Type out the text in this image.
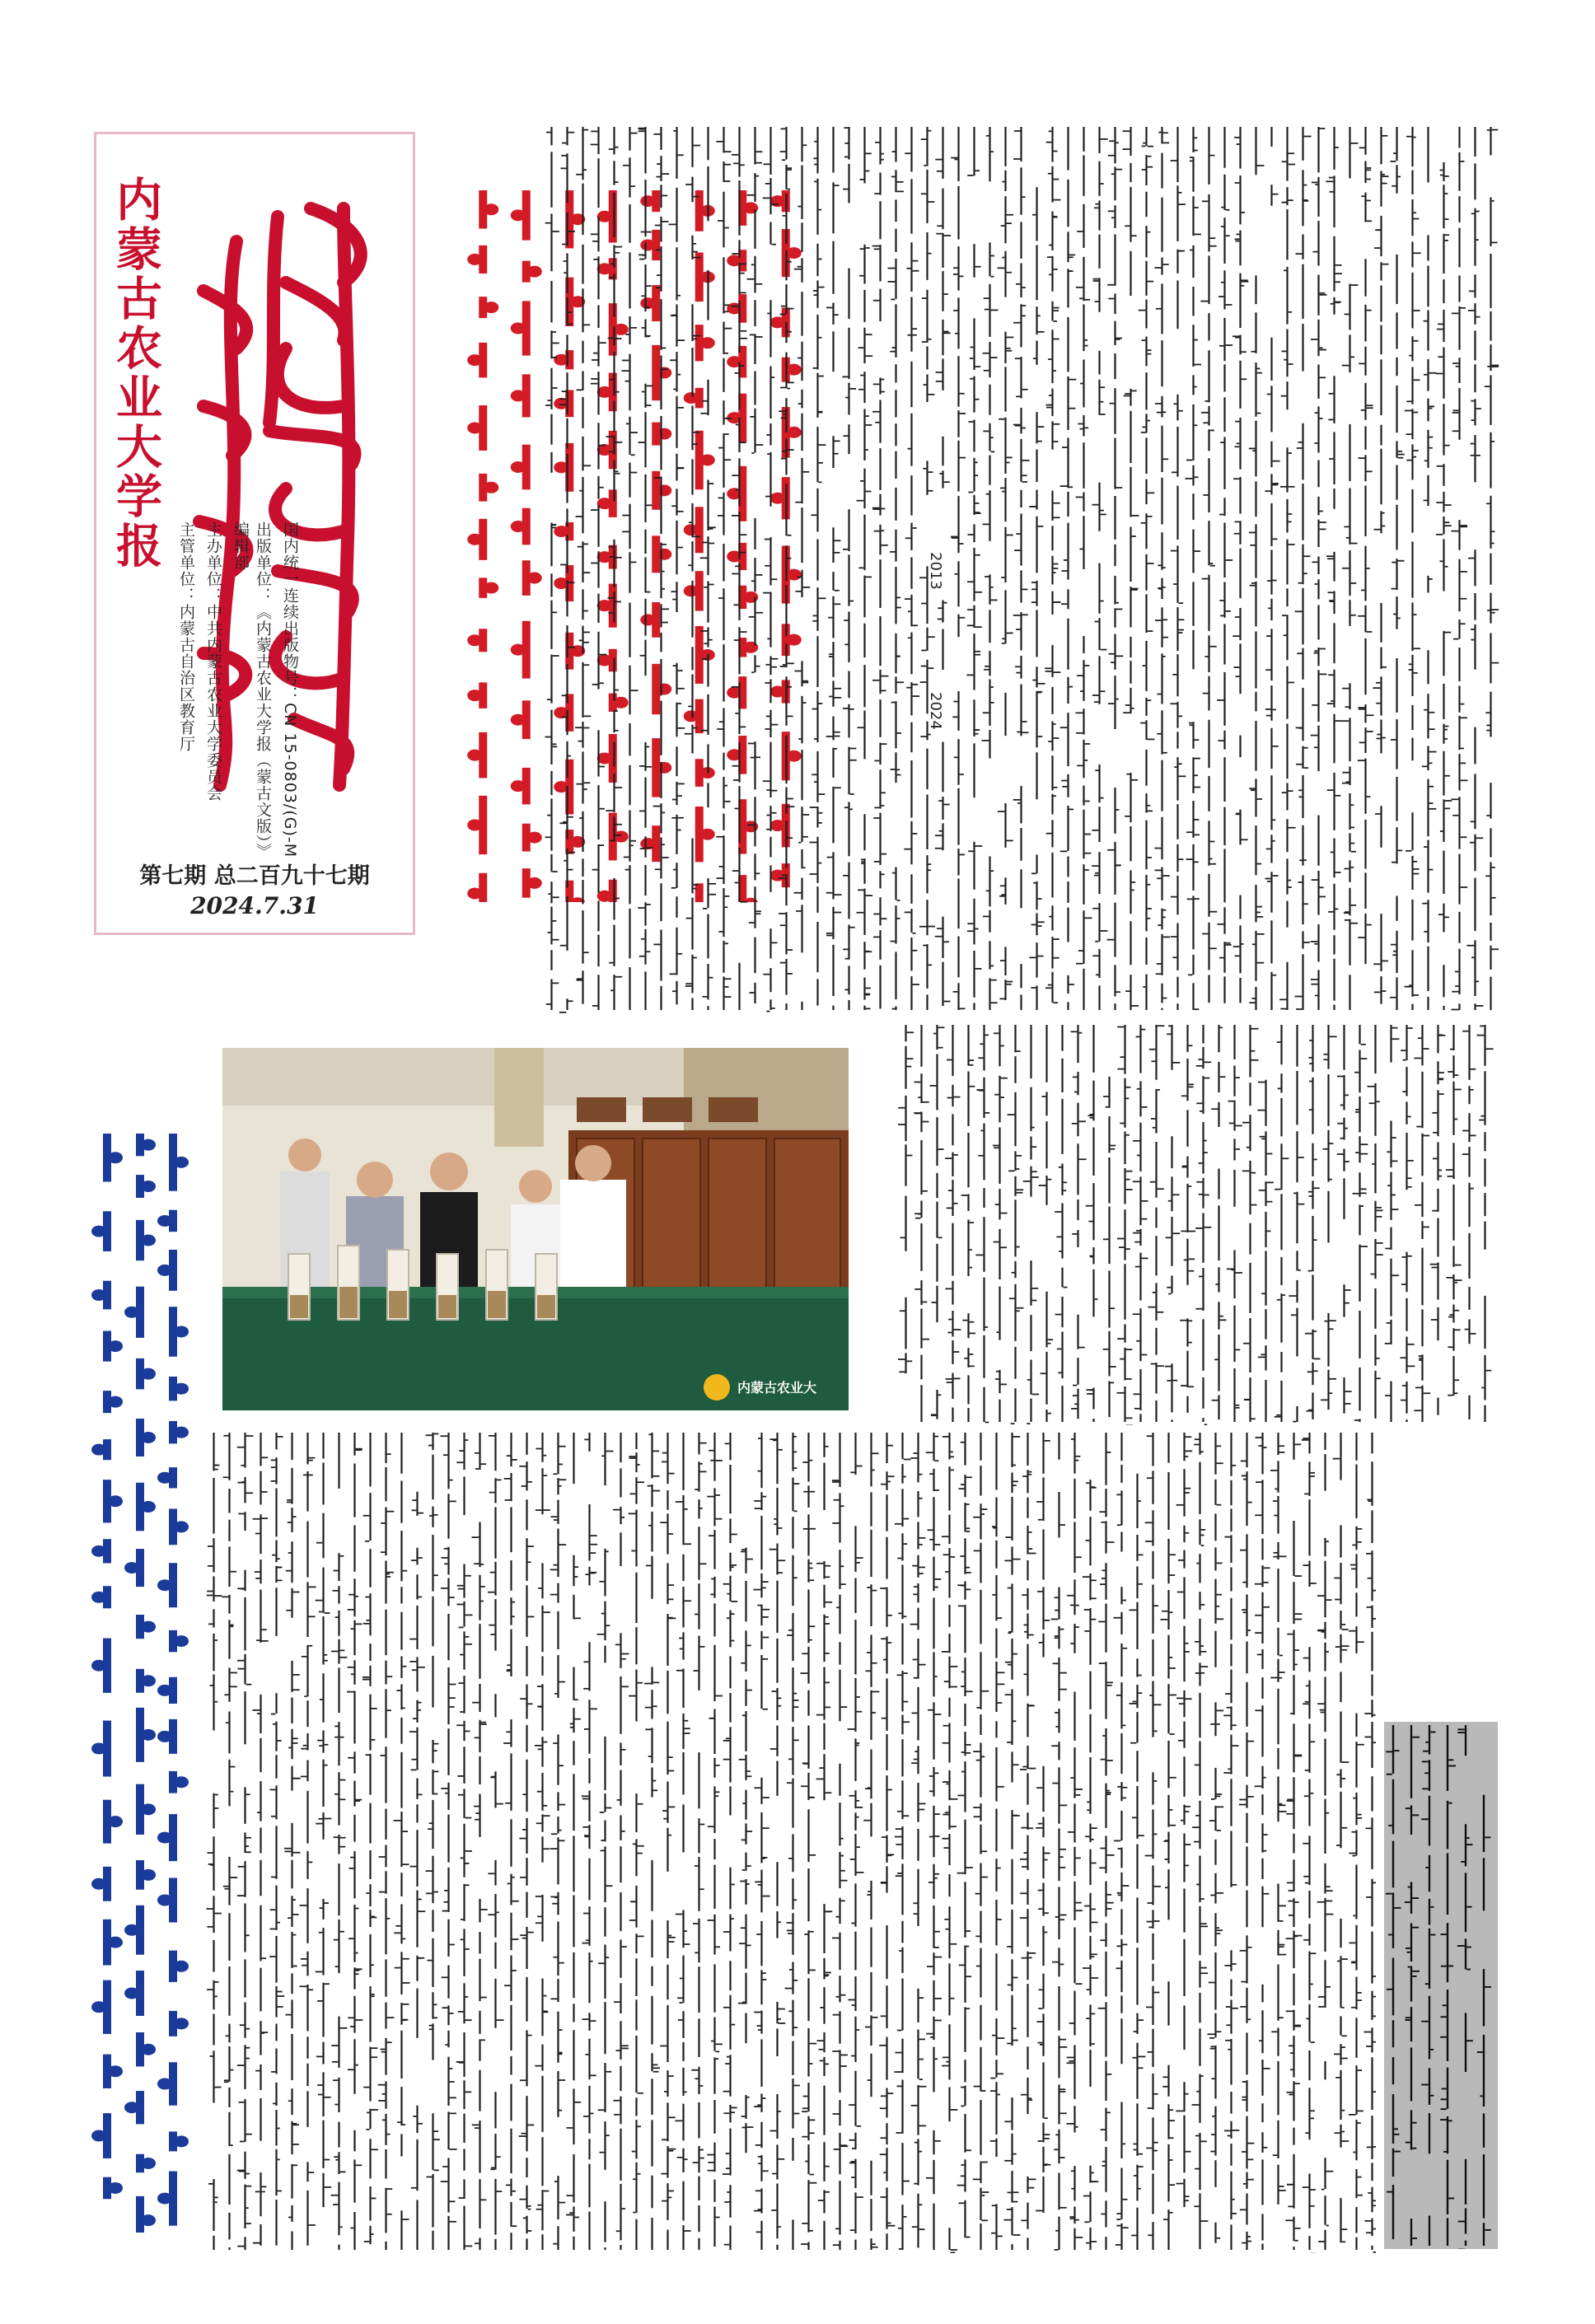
内蒙古农业大学报
国内统一连续出版物号：CN 15-0803/(G)-M
出版单位：《内蒙古农业大学报（蒙古文版）》编辑部
主办单位：中共内蒙古农业大学委员会
主管单位：内蒙古自治区教育厅
第七期 总二百九十七期
2024.7.31
2024
2013
内蒙古农业大
